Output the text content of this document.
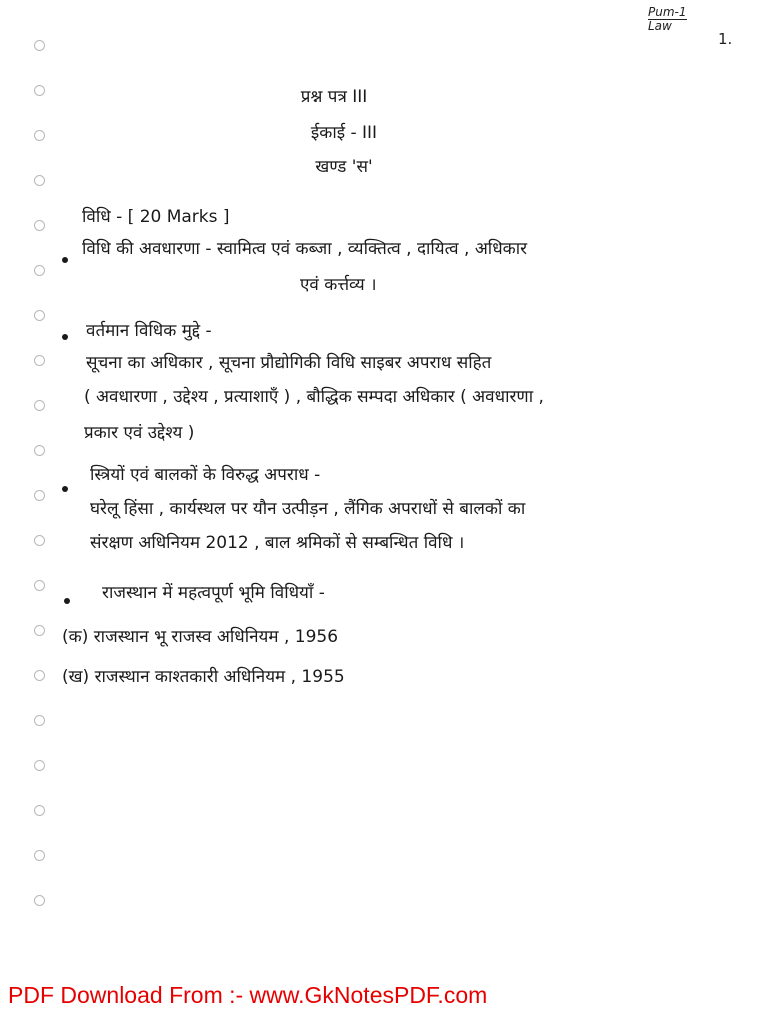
Pum-1
Law
1.
प्रश्न पत्र III
ईकाई - III
खण्ड 'स'
विधि - [ 20 Marks ]
विधि की अवधारणा - स्वामित्व एवं कब्जा , व्यक्तित्व , दायित्व , अधिकार
एवं कर्त्तव्य ।
वर्तमान विधिक मुद्दे -
सूचना का अधिकार , सूचना प्रौद्योगिकी विधि साइबर अपराध सहित
( अवधारणा , उद्देश्य , प्रत्याशाएँ ) , बौद्धिक सम्पदा अधिकार ( अवधारणा ,
प्रकार एवं उद्देश्य )
स्त्रियों एवं बालकों के विरुद्ध अपराध -
घरेलू हिंसा , कार्यस्थल पर यौन उत्पीड़न , लैंगिक अपराधों से बालकों का
संरक्षण अधिनियम 2012 , बाल श्रमिकों से सम्बन्धित विधि ।
राजस्थान में महत्वपूर्ण भूमि विधियाँ -
(क) राजस्थान भू राजस्व अधिनियम , 1956
(ख) राजस्थान काश्तकारी अधिनियम , 1955
PDF Download From :- www.GkNotesPDF.com
